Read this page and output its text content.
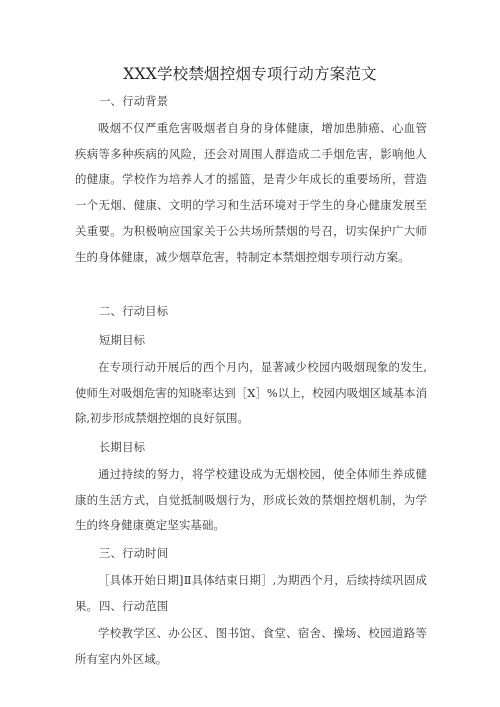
XXX学校禁烟控烟专项行动方案范文
一、行动背景
吸烟不仅严重危害吸烟者自身的身体健康，增加患肺癌、心血管疾病等多种疾病的风险，还会对周围人群造成二手烟危害，影响他人的健康。学校作为培养人才的摇篮，是青少年成长的重要场所，营造一个无烟、健康、文明的学习和生活环境对于学生的身心健康发展至关重要。为积极响应国家关于公共场所禁烟的号召，切实保护广大师生的身体健康，减少烟草危害，特制定本禁烟控烟专项行动方案。
二、行动目标
短期目标
在专项行动开展后的西个月内，显著减少校园内吸烟现象的发生,使师生对吸烟危害的知晓率达到［X］%以上，校园内吸烟区域基本消除,初步形成禁烟控烟的良好氛围。
长期目标
通过持续的努力，将学校建设成为无烟校园，使全体师生养成健康的生活方式，自觉抵制吸烟行为，形成长效的禁烟控烟机制，为学生的终身健康奠定坚实基础。
三、行动时间
［具体开始日期]Ⅱ具体结束日期］,为期西个月，后续持续巩固成果。 四、行动范围
学校教学区、办公区、图书馆、食堂、宿舍、操场、校园道路等所有室内外区域。
